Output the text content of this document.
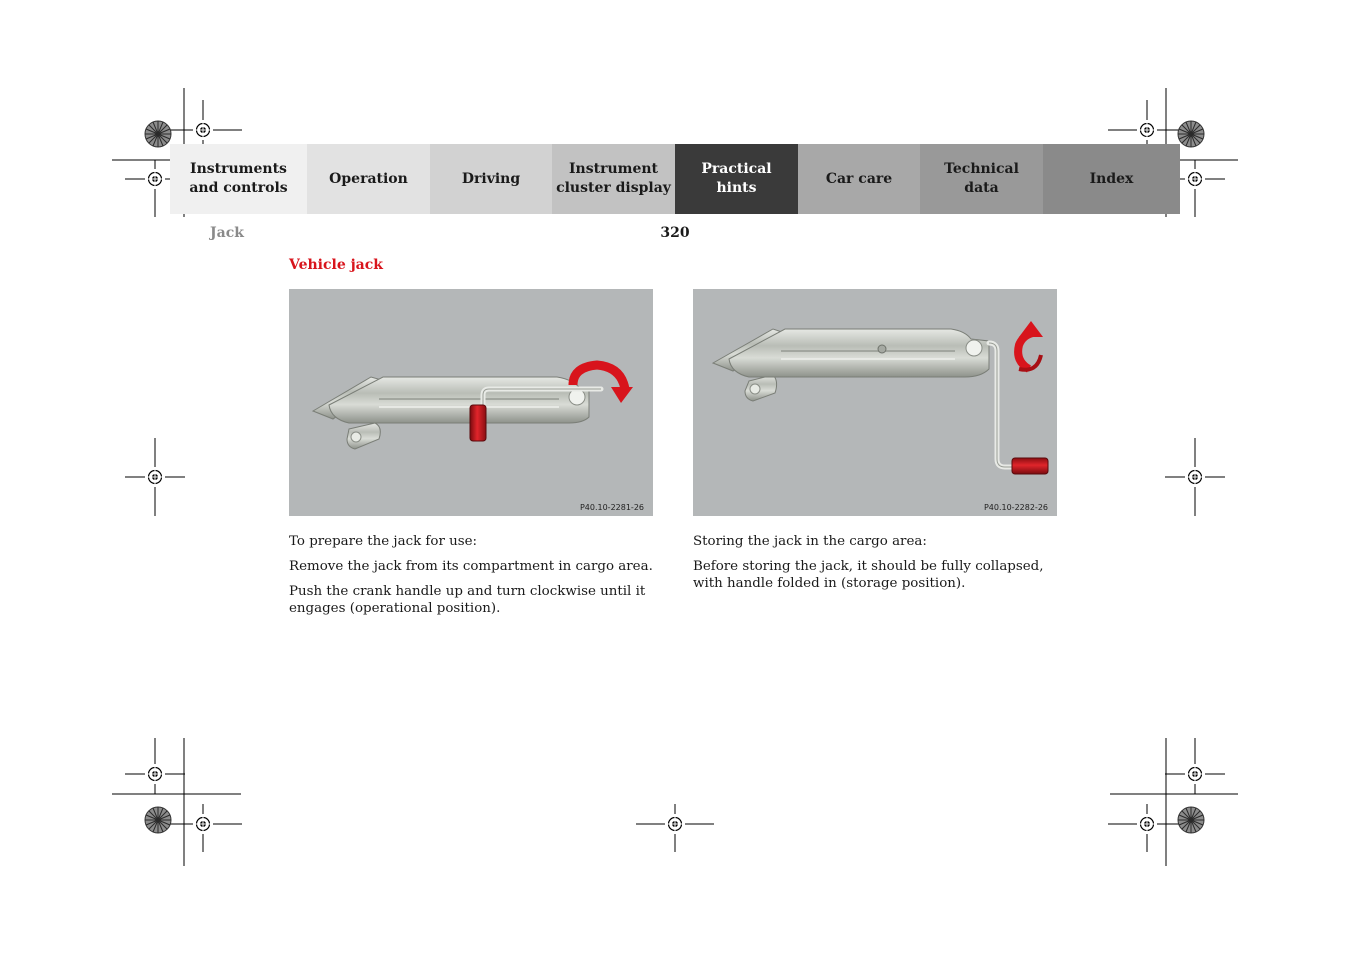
Instruments
and controls
Operation	Driving
Instrument
cluster display
Practical hints
Car care
Technical
data
Index
Jack	320
Vehicle jack
P40.10-2281-26	P40.10-2282-26

To prepare the jack for use:

Remove the jack from its compartment in cargo area.

Push the crank handle up and turn clockwise until it engages (operational position).

Storing the jack in the cargo area:

Before storing the jack, it should be fully collapsed, with handle folded in (storage position).
